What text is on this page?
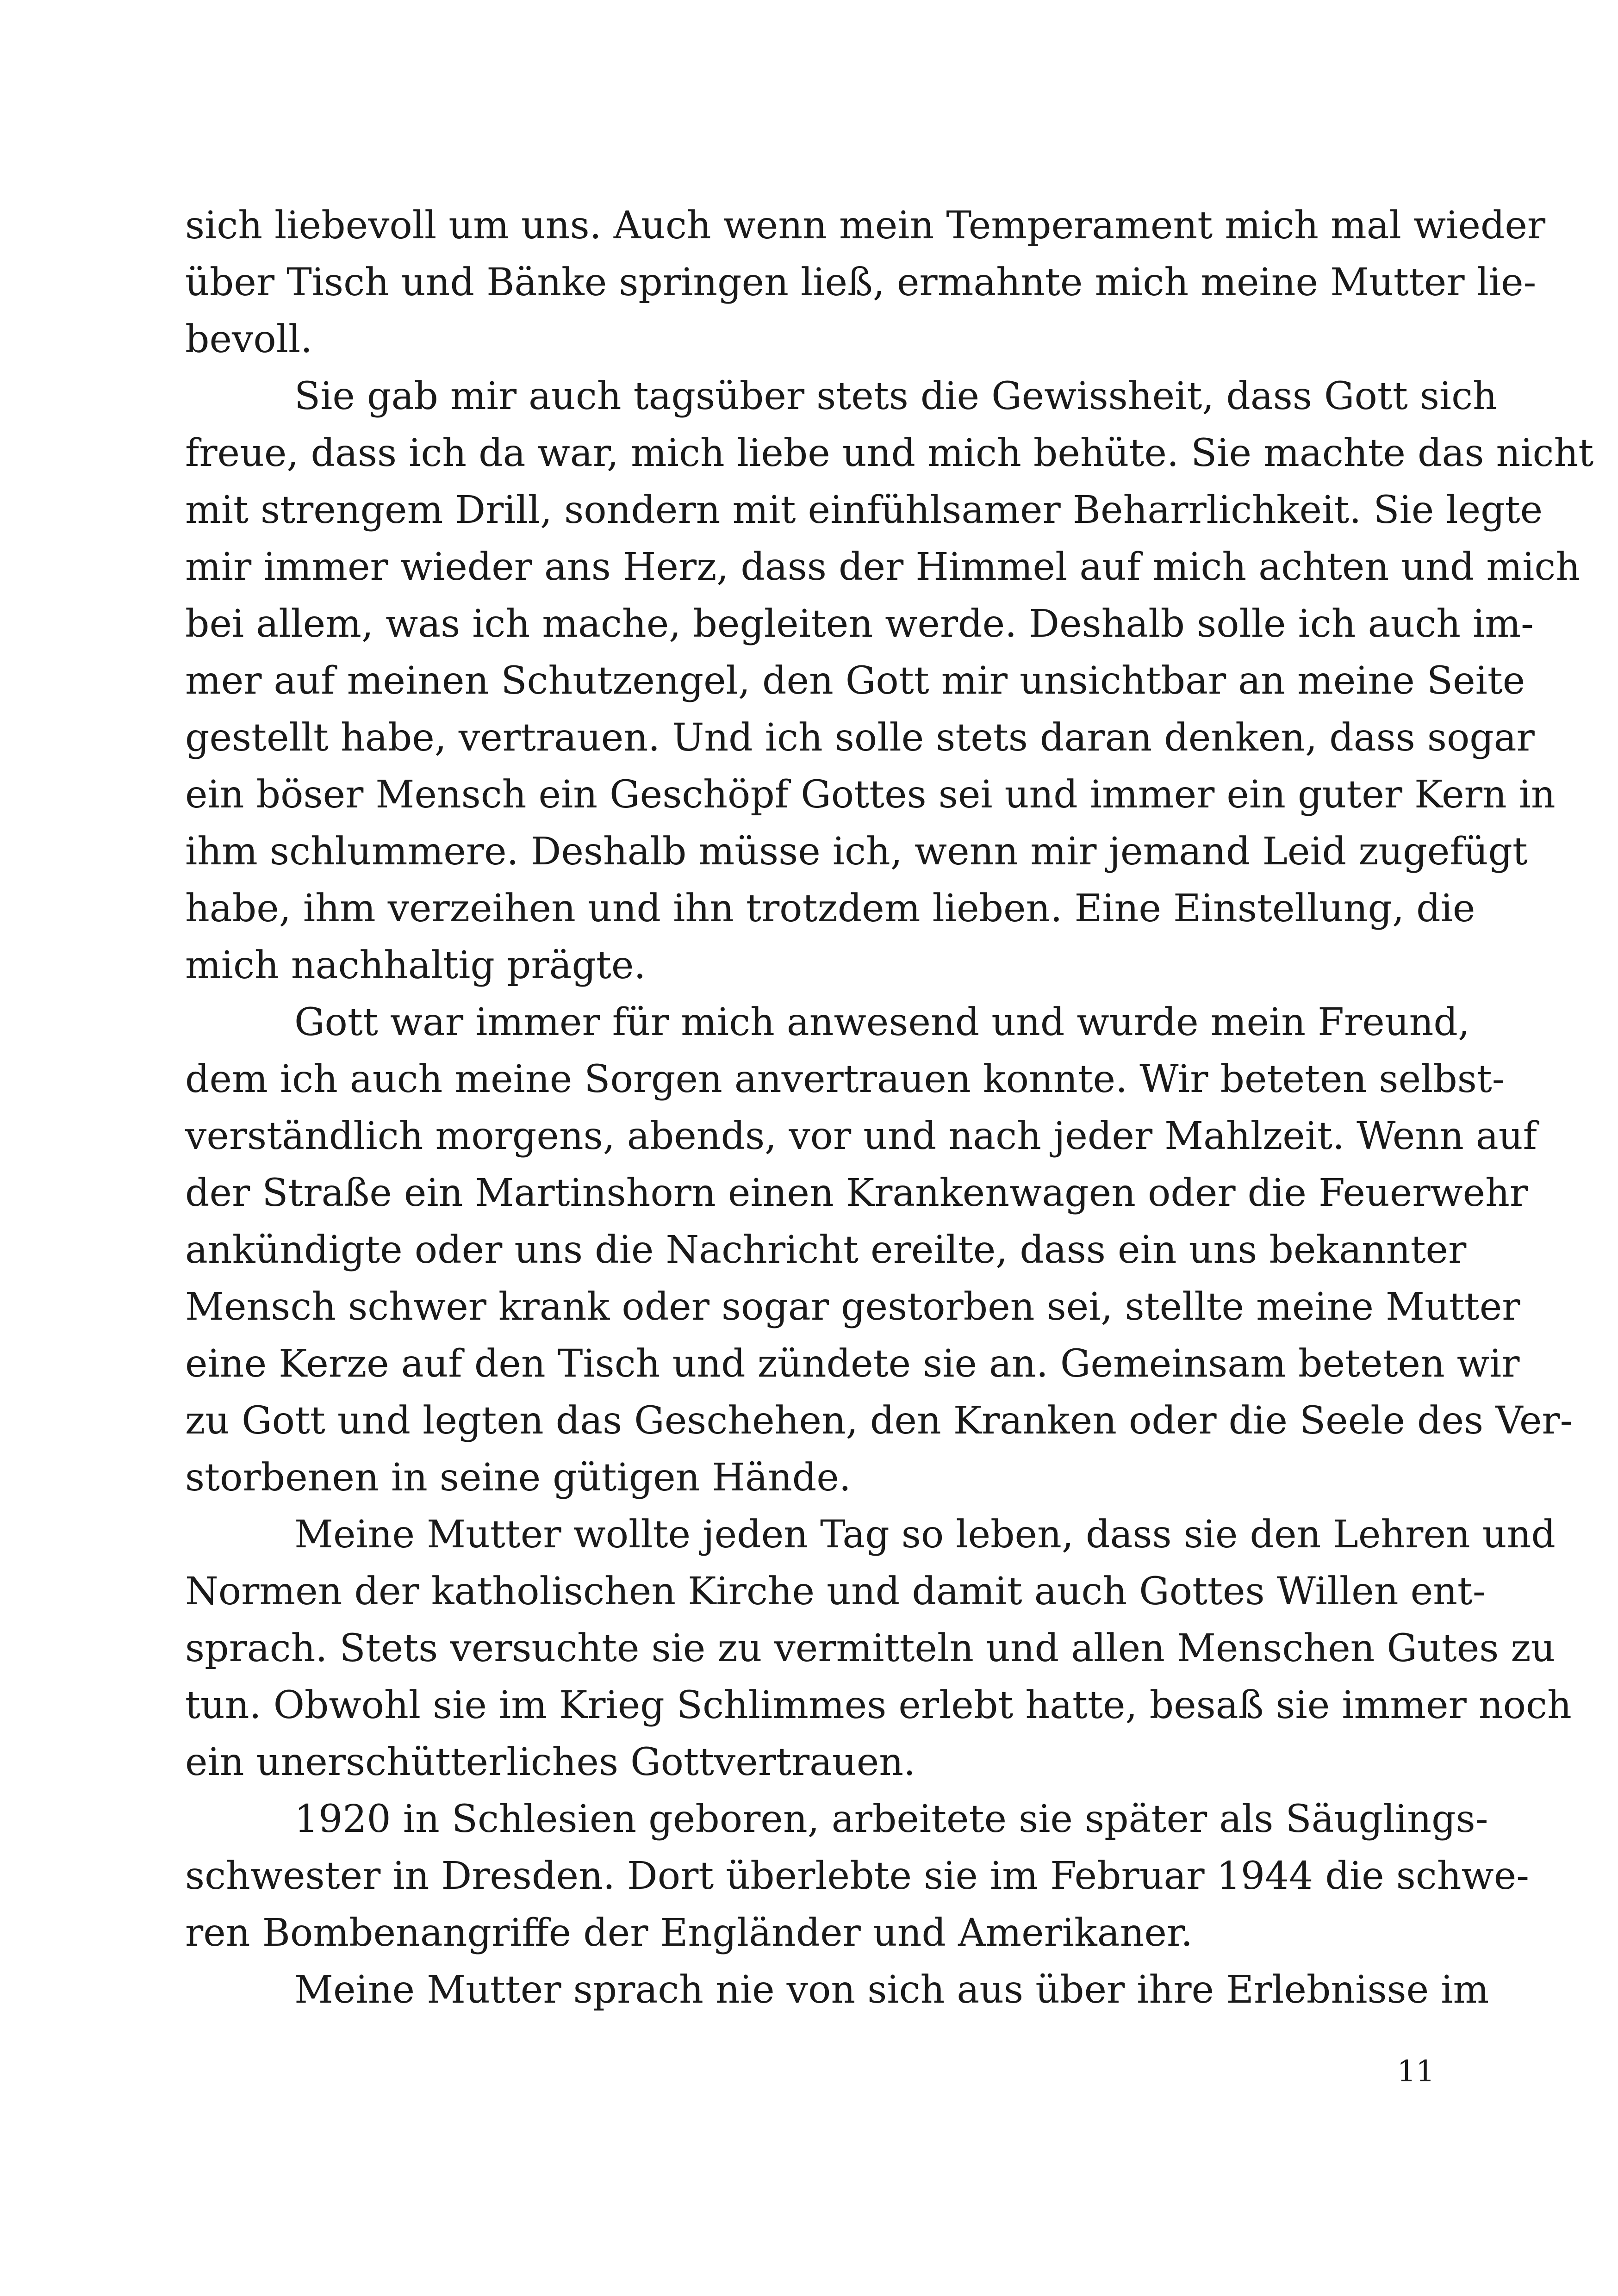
sich liebevoll um uns. Auch wenn mein Temperament mich mal wieder
über Tisch und Bänke springen ließ, ermahnte mich meine Mutter lie-
bevoll.
Sie gab mir auch tagsüber stets die Gewissheit, dass Gott sich
freue, dass ich da war, mich liebe und mich behüte. Sie machte das nicht
mit strengem Drill, sondern mit einfühlsamer Beharrlichkeit. Sie legte
mir immer wieder ans Herz, dass der Himmel auf mich achten und mich
bei allem, was ich mache, begleiten werde. Deshalb solle ich auch im-
mer auf meinen Schutzengel, den Gott mir unsichtbar an meine Seite
gestellt habe, vertrauen. Und ich solle stets daran denken, dass sogar
ein böser Mensch ein Geschöpf Gottes sei und immer ein guter Kern in
ihm schlummere. Deshalb müsse ich, wenn mir jemand Leid zugefügt
habe, ihm verzeihen und ihn trotzdem lieben. Eine Einstellung, die
mich nachhaltig prägte.
Gott war immer für mich anwesend und wurde mein Freund,
dem ich auch meine Sorgen anvertrauen konnte. Wir beteten selbst-
verständlich morgens, abends, vor und nach jeder Mahlzeit. Wenn auf
der Straße ein Martinshorn einen Krankenwagen oder die Feuerwehr
ankündigte oder uns die Nachricht ereilte, dass ein uns bekannter
Mensch schwer krank oder sogar gestorben sei, stellte meine Mutter
eine Kerze auf den Tisch und zündete sie an. Gemeinsam beteten wir
zu Gott und legten das Geschehen, den Kranken oder die Seele des Ver-
storbenen in seine gütigen Hände.
Meine Mutter wollte jeden Tag so leben, dass sie den Lehren und
Normen der katholischen Kirche und damit auch Gottes Willen ent-
sprach. Stets versuchte sie zu vermitteln und allen Menschen Gutes zu
tun. Obwohl sie im Krieg Schlimmes erlebt hatte, besaß sie immer noch
ein unerschütterliches Gottvertrauen.
1920 in Schlesien geboren, arbeitete sie später als Säuglings-
schwester in Dresden. Dort überlebte sie im Februar 1944 die schwe-
ren Bombenangriffe der Engländer und Amerikaner.
Meine Mutter sprach nie von sich aus über ihre Erlebnisse im
11
